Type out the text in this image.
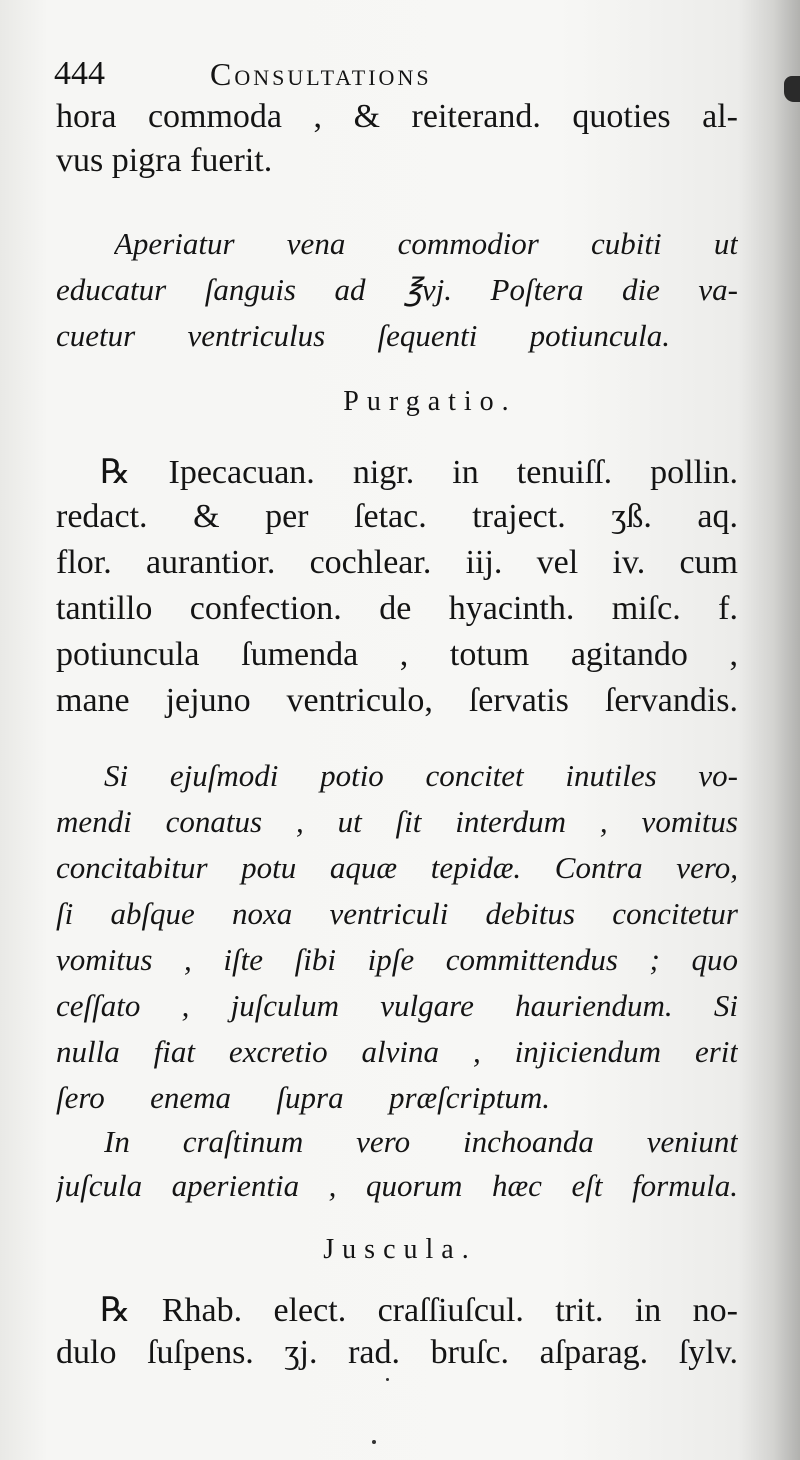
444	Consultations
hora commoda , & reiterand. quoties al-
vus pigra fuerit.
Aperiatur vena commodior cubiti ut
educatur ſanguis ad ℥vj. Poſtera die va-
cuetur ventriculus ſequenti potiuncula.
Purgatio.
℞ Ipecacuan. nigr. in tenuiſſ. pollin.
redact. & per ſetac. traject. ʒß. aq.
flor. aurantior. cochlear. iij. vel iv. cum
tantillo confection. de hyacinth. miſc. f.
potiuncula ſumenda , totum agitando ,
mane jejuno ventriculo, ſervatis ſervandis.
Si ejuſmodi potio concitet inutiles vo-
mendi conatus , ut ſit interdum , vomitus
concitabitur potu aquæ tepidæ. Contra vero,
ſi abſque noxa ventriculi debitus concitetur
vomitus , iſte ſibi ipſe committendus ; quo
ceſſato , juſculum vulgare hauriendum. Si
nulla fiat excretio alvina , injiciendum erit
ſero enema ſupra præſcriptum.
In craſtinum vero inchoanda veniunt
juſcula aperientia , quorum hæc eſt formula.
Juscula.
℞ Rhab. elect. craſſiuſcul. trit. in no-
dulo ſuſpens. ʒj. rad. bruſc. aſparag. ſylv.
